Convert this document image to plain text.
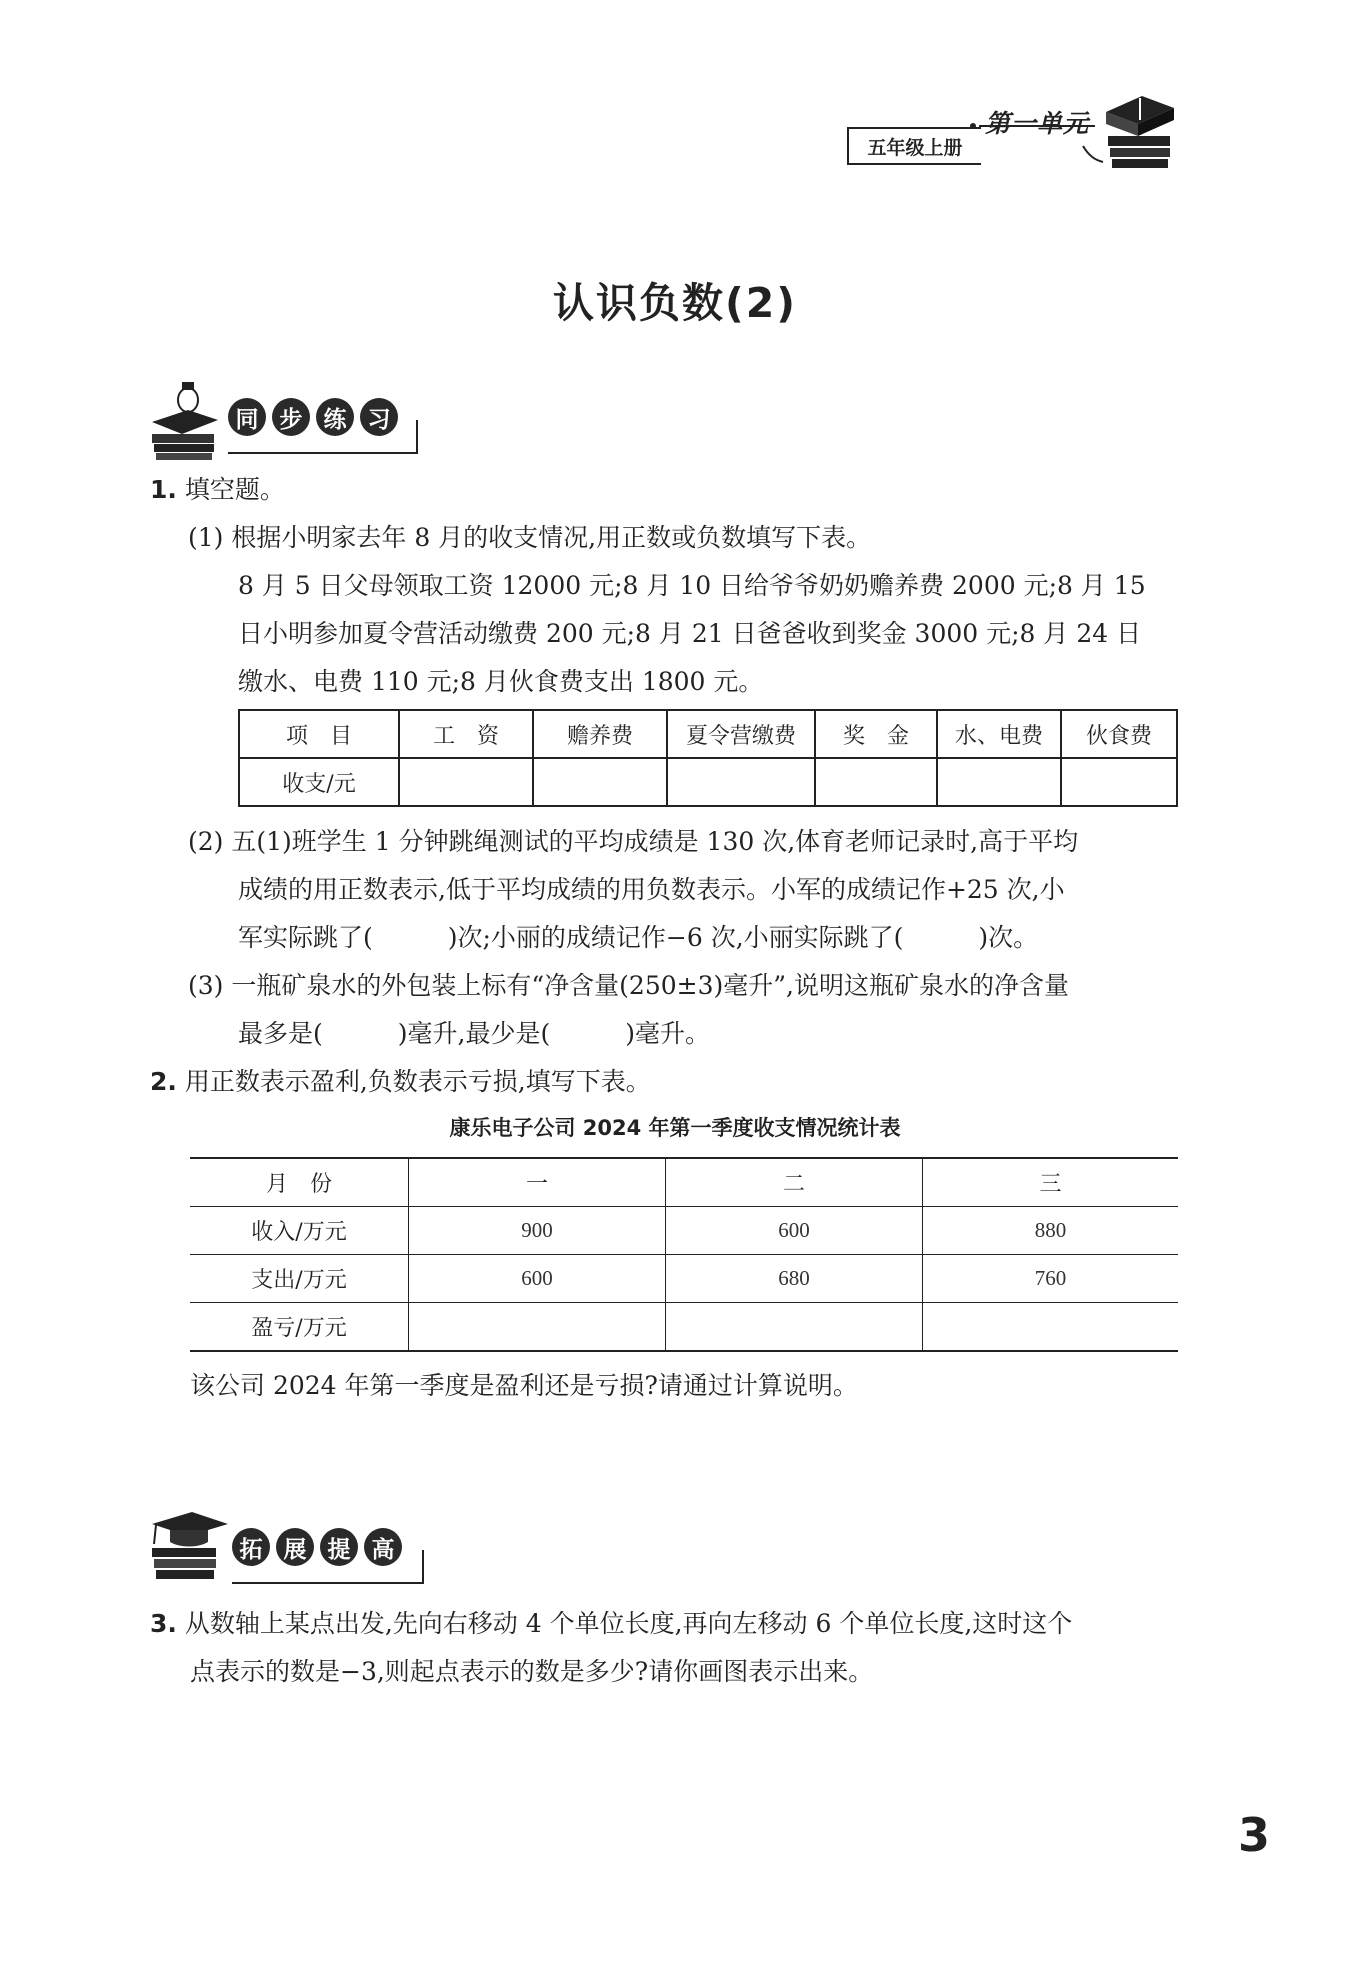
五年级上册
第一单元
认识负数(2)
同 步 练 习
1. 填空题。
(1) 根据小明家去年 8 月的收支情况,用正数或负数填写下表。
8 月 5 日父母领取工资 12000 元;8 月 10 日给爷爷奶奶赡养费 2000 元;8 月 15
日小明参加夏令营活动缴费 200 元;8 月 21 日爸爸收到奖金 3000 元;8 月 24 日
缴水、电费 110 元;8 月伙食费支出 1800 元。
项　目	工　资	赡养费	夏令营缴费	奖　金	水、电费	伙食费
收支/元						
(2) 五(1)班学生 1 分钟跳绳测试的平均成绩是 130 次,体育老师记录时,高于平均
成绩的用正数表示,低于平均成绩的用负数表示。小军的成绩记作+25 次,小
军实际跳了(　　　)次;小丽的成绩记作−6 次,小丽实际跳了(　　　)次。
(3) 一瓶矿泉水的外包装上标有“净含量(250±3)毫升”,说明这瓶矿泉水的净含量
最多是(　　　)毫升,最少是(　　　)毫升。
2. 用正数表示盈利,负数表示亏损,填写下表。
康乐电子公司 2024 年第一季度收支情况统计表
月　份	一	二	三
收入/万元	900	600	880
支出/万元	600	680	760
盈亏/万元			
该公司 2024 年第一季度是盈利还是亏损?请通过计算说明。
拓 展 提 高
3. 从数轴上某点出发,先向右移动 4 个单位长度,再向左移动 6 个单位长度,这时这个
点表示的数是−3,则起点表示的数是多少?请你画图表示出来。
3
